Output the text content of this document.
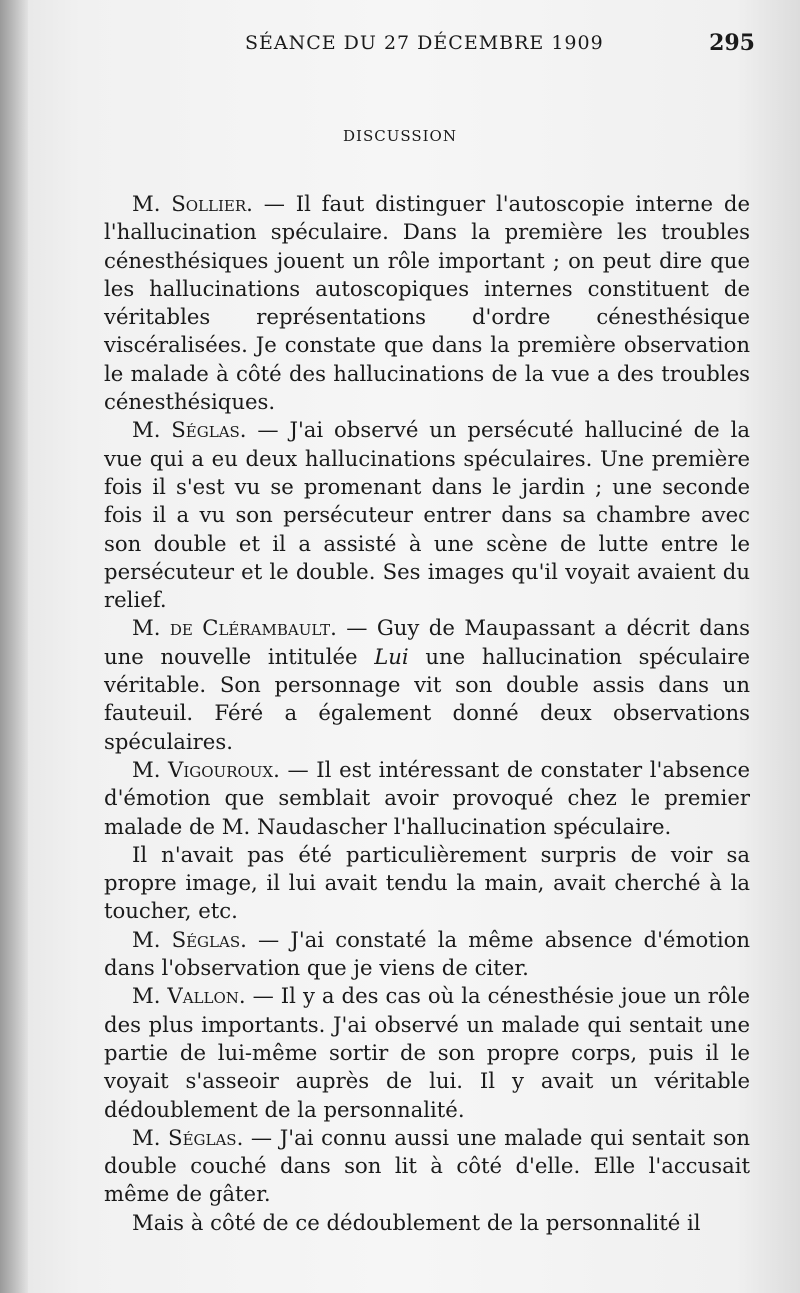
SÉANCE DU 27 DÉCEMBRE 1909	295
DISCUSSION

M. Sollier. — Il faut distinguer l'autoscopie interne de l'hallucination spéculaire. Dans la première les troubles cénesthésiques jouent un rôle important ; on peut dire que les hallucinations autoscopiques internes constituent de véritables représentations d'ordre cénesthésique viscéralisées. Je constate que dans la première observation le malade à côté des hallucinations de la vue a des troubles cénesthésiques.

M. Séglas. — J'ai observé un persécuté halluciné de la vue qui a eu deux hallucinations spéculaires. Une première fois il s'est vu se promenant dans le jardin ; une seconde fois il a vu son persécuteur entrer dans sa chambre avec son double et il a assisté à une scène de lutte entre le persécuteur et le double. Ses images qu'il voyait avaient du relief.

M. de Clérambault. — Guy de Maupassant a décrit dans une nouvelle intitulée Lui une hallucination spéculaire véritable. Son personnage vit son double assis dans un fauteuil. Féré a également donné deux observations spéculaires.

M. Vigouroux. — Il est intéressant de constater l'absence d'émotion que semblait avoir provoqué chez le premier malade de M. Naudascher l'hallucination spéculaire.

Il n'avait pas été particulièrement surpris de voir sa propre image, il lui avait tendu la main, avait cherché à la toucher, etc.

M. Séglas. — J'ai constaté la même absence d'émotion dans l'observation que je viens de citer.

M. Vallon. — Il y a des cas où la cénesthésie joue un rôle des plus importants. J'ai observé un malade qui sentait une partie de lui-même sortir de son propre corps, puis il le voyait s'asseoir auprès de lui. Il y avait un véritable dédoublement de la personnalité.

M. Séglas. — J'ai connu aussi une malade qui sentait son double couché dans son lit à côté d'elle. Elle l'accusait même de gâter.

Mais à côté de ce dédoublement de la personnalité il
